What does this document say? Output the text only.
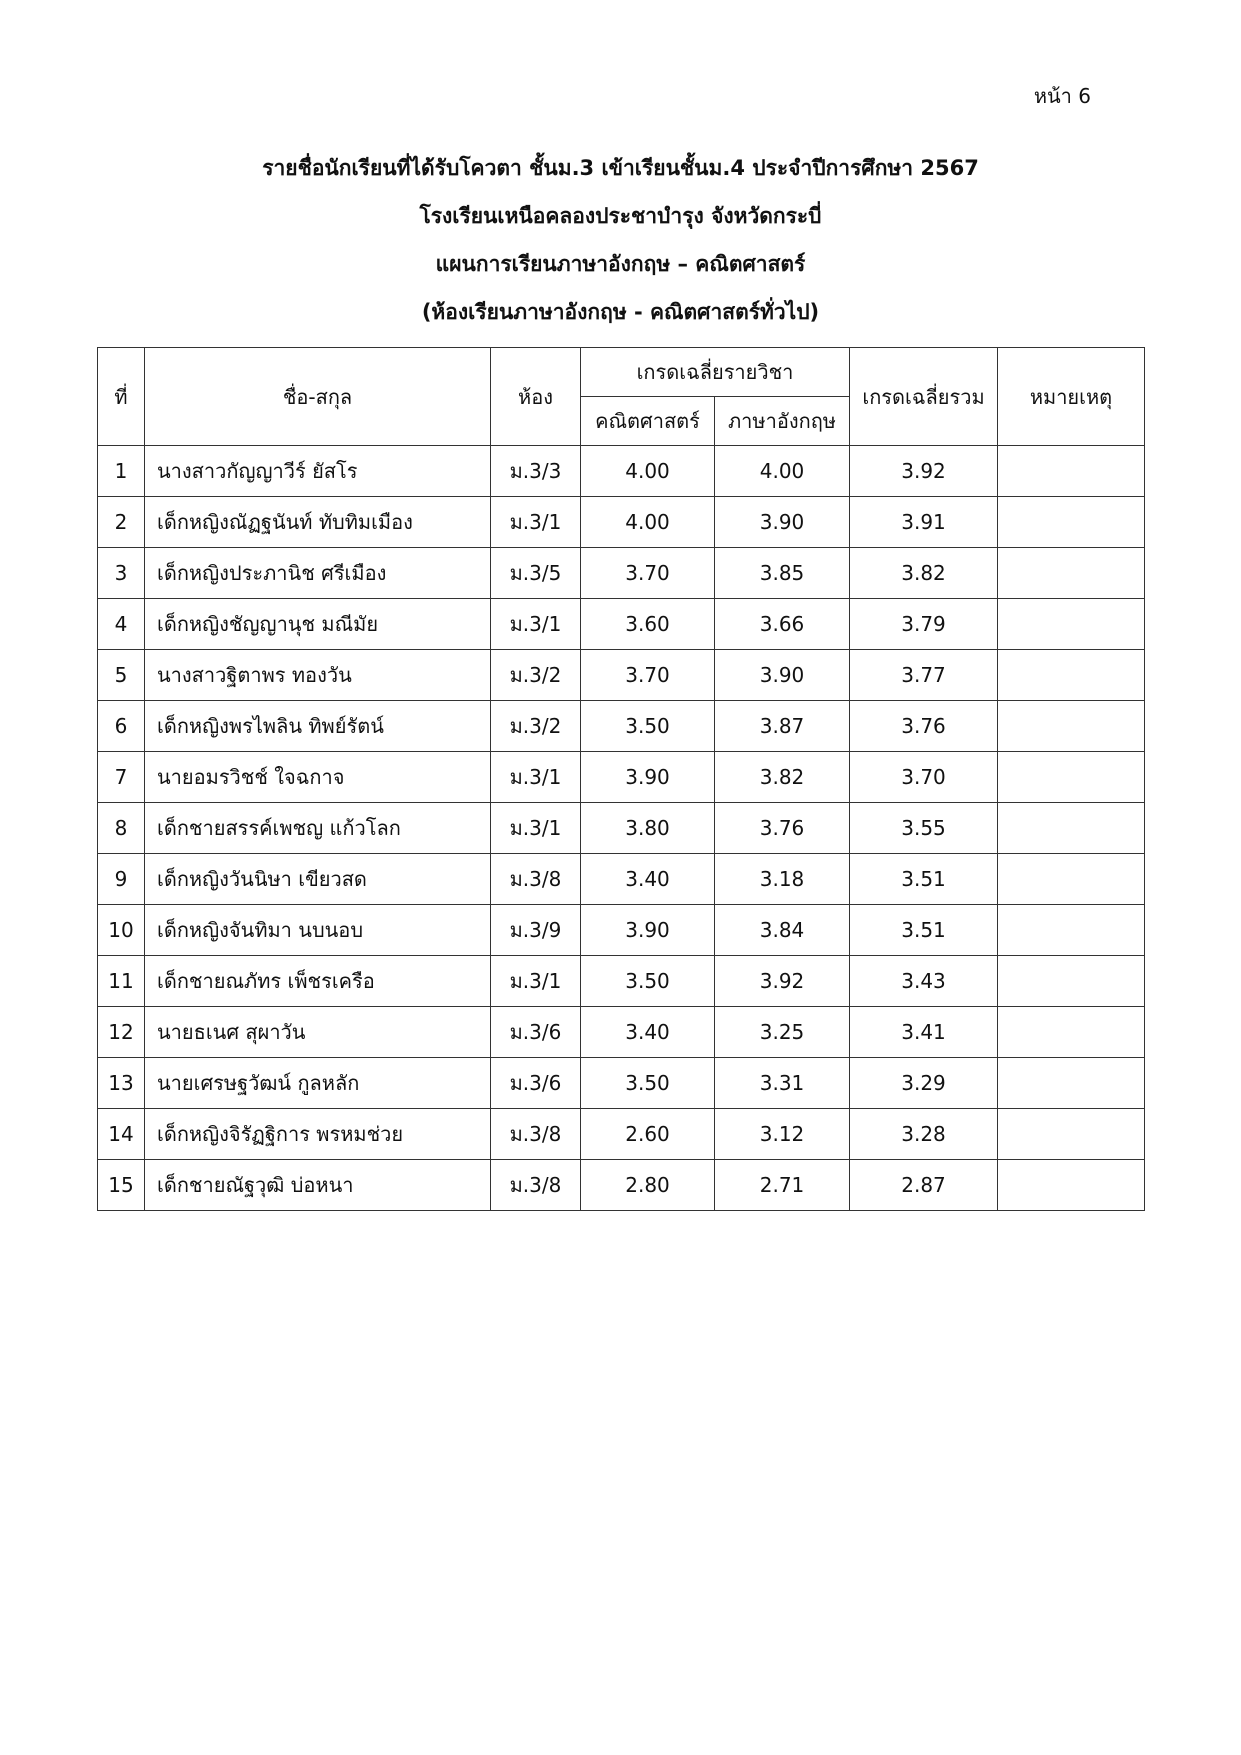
หน้า 6
รายชื่อนักเรียนที่ได้รับโควตา ชั้นม.3 เข้าเรียนชั้นม.4 ประจำปีการศึกษา 2567
โรงเรียนเหนือคลองประชาบำรุง จังหวัดกระบี่
แผนการเรียนภาษาอังกฤษ – คณิตศาสตร์
(ห้องเรียนภาษาอังกฤษ - คณิตศาสตร์ทั่วไป)
ที่	ชื่อ-สกุล	ห้อง	เกรดเฉลี่ยรายวิชา		เกรดเฉลี่ยรวม	หมายเหตุ
			คณิตศาสตร์	ภาษาอังกฤษ		
1	นางสาวกัญญาวีร์ ยัสโร	ม.3/3	4.00	4.00	3.92	
2	เด็กหญิงณัฏฐนันท์ ทับทิมเมือง	ม.3/1	4.00	3.90	3.91	
3	เด็กหญิงประภานิช ศรีเมือง	ม.3/5	3.70	3.85	3.82	
4	เด็กหญิงชัญญานุช มณีมัย	ม.3/1	3.60	3.66	3.79	
5	นางสาวฐิตาพร ทองวัน	ม.3/2	3.70	3.90	3.77	
6	เด็กหญิงพรไพลิน ทิพย์รัตน์	ม.3/2	3.50	3.87	3.76	
7	นายอมรวิชช์ ใจฉกาจ	ม.3/1	3.90	3.82	3.70	
8	เด็กชายสรรค์เพชญ แก้วโลก	ม.3/1	3.80	3.76	3.55	
9	เด็กหญิงวันนิษา เขียวสด	ม.3/8	3.40	3.18	3.51	
10	เด็กหญิงจันทิมา นบนอบ	ม.3/9	3.90	3.84	3.51	
11	เด็กชายณภัทร เพ็ชรเครือ	ม.3/1	3.50	3.92	3.43	
12	นายธเนศ สุผาวัน	ม.3/6	3.40	3.25	3.41	
13	นายเศรษฐวัฒน์ กูลหลัก	ม.3/6	3.50	3.31	3.29	
14	เด็กหญิงจิรัฏฐิการ พรหมช่วย	ม.3/8	2.60	3.12	3.28	
15	เด็กชายณัฐวุฒิ บ่อหนา	ม.3/8	2.80	2.71	2.87	
